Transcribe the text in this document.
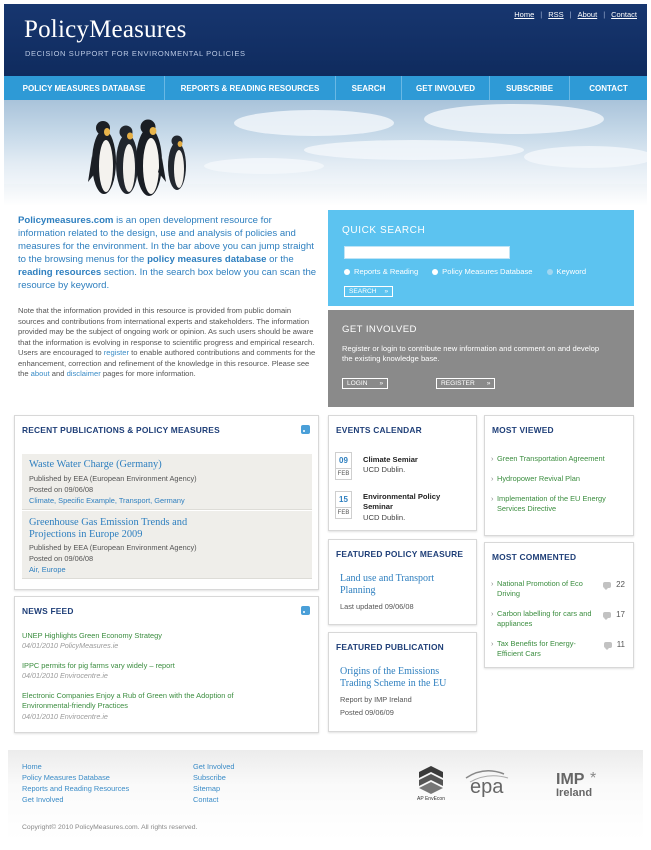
PolicyMeasures
DECISION SUPPORT FOR ENVIRONMENTAL POLICIES
Home | RSS | About | Contact
POLICY MEASURES DATABASE	REPORTS & READING RESOURCES	SEARCH	GET INVOLVED	SUBSCRIBE	CONTACT
Policymeasures.com is an open development resource for information related to the design, use and analysis of policies and measures for the environment. In the bar above you can jump straight to the browsing menus for the policy measures database or the reading resources section. In the search box below you can scan the resource by keyword.
Note that the information provided in this resource is provided from public domain sources and contributions from international experts and stakeholders. The information provided may be the subject of ongoing work or opinion. As such users should be aware that the information is evolving in response to scientific progress and empirical research. Users are encouraged to register to enable authored contributions and comments for the enhancement, correction and refinement of the knowledge in this resource. Please see the about and disclaimer pages for more information.
QUICK SEARCH
Reports & Reading	Policy Measures Database	Keyword
SEARCH »
GET INVOLVED

Register or login to contribute new information and comment on and develop the existing knowledge base.

LOGIN »	REGISTER »
RECENT PUBLICATIONS & POLICY MEASURES
Waste Water Charge (Germany)
Published by EEA (European Environment Agency)
Posted on 09/06/08
Climate, Specific Example, Transport, Germany
Greenhouse Gas Emission Trends and Projections in Europe 2009
Published by EEA (European Environment Agency)
Posted on 09/06/08
Air, Europe
NEWS FEED
UNEP Highlights Green Economy Strategy
04/01/2010 PolicyMeasures.ie
IPPC permits for pig farms vary widely – report
04/01/2010 Envirocentre.ie
Electronic Companies Enjoy a Rub of Green with the Adoption of Environmental-friendly Practices
04/01/2010 Envirocentre.ie
EVENTS CALENDAR
09
FEB
Climate Semiar
UCD Dublin.
15
FEB
Environmental Policy Seminar
UCD Dublin.
FEATURED POLICY MEASURE
Land use and Transport Planning
Last updated 09/06/08
FEATURED PUBLICATION
Origins of the Emissions Trading Scheme in the EU
Report by IMP Ireland
Posted 09/06/09
MOST VIEWED
› Green Transportation Agreement
› Hydropower Revival Plan
› Implementation of the EU Energy Services Directive
MOST COMMENTED
› National Promotion of Eco Driving
22
› Carbon labelling for cars and appliances
17
› Tax Benefits for Energy-Efficient Cars
11
Home
Policy Measures Database
Reports and Reading Resources
Get Involved
Get Involved
Subscribe
Sitemap
Contact
Copyright© 2010 PolicyMeasures.com. All rights reserved.
AP EnvEcon
epa	IMP
Ireland
*
